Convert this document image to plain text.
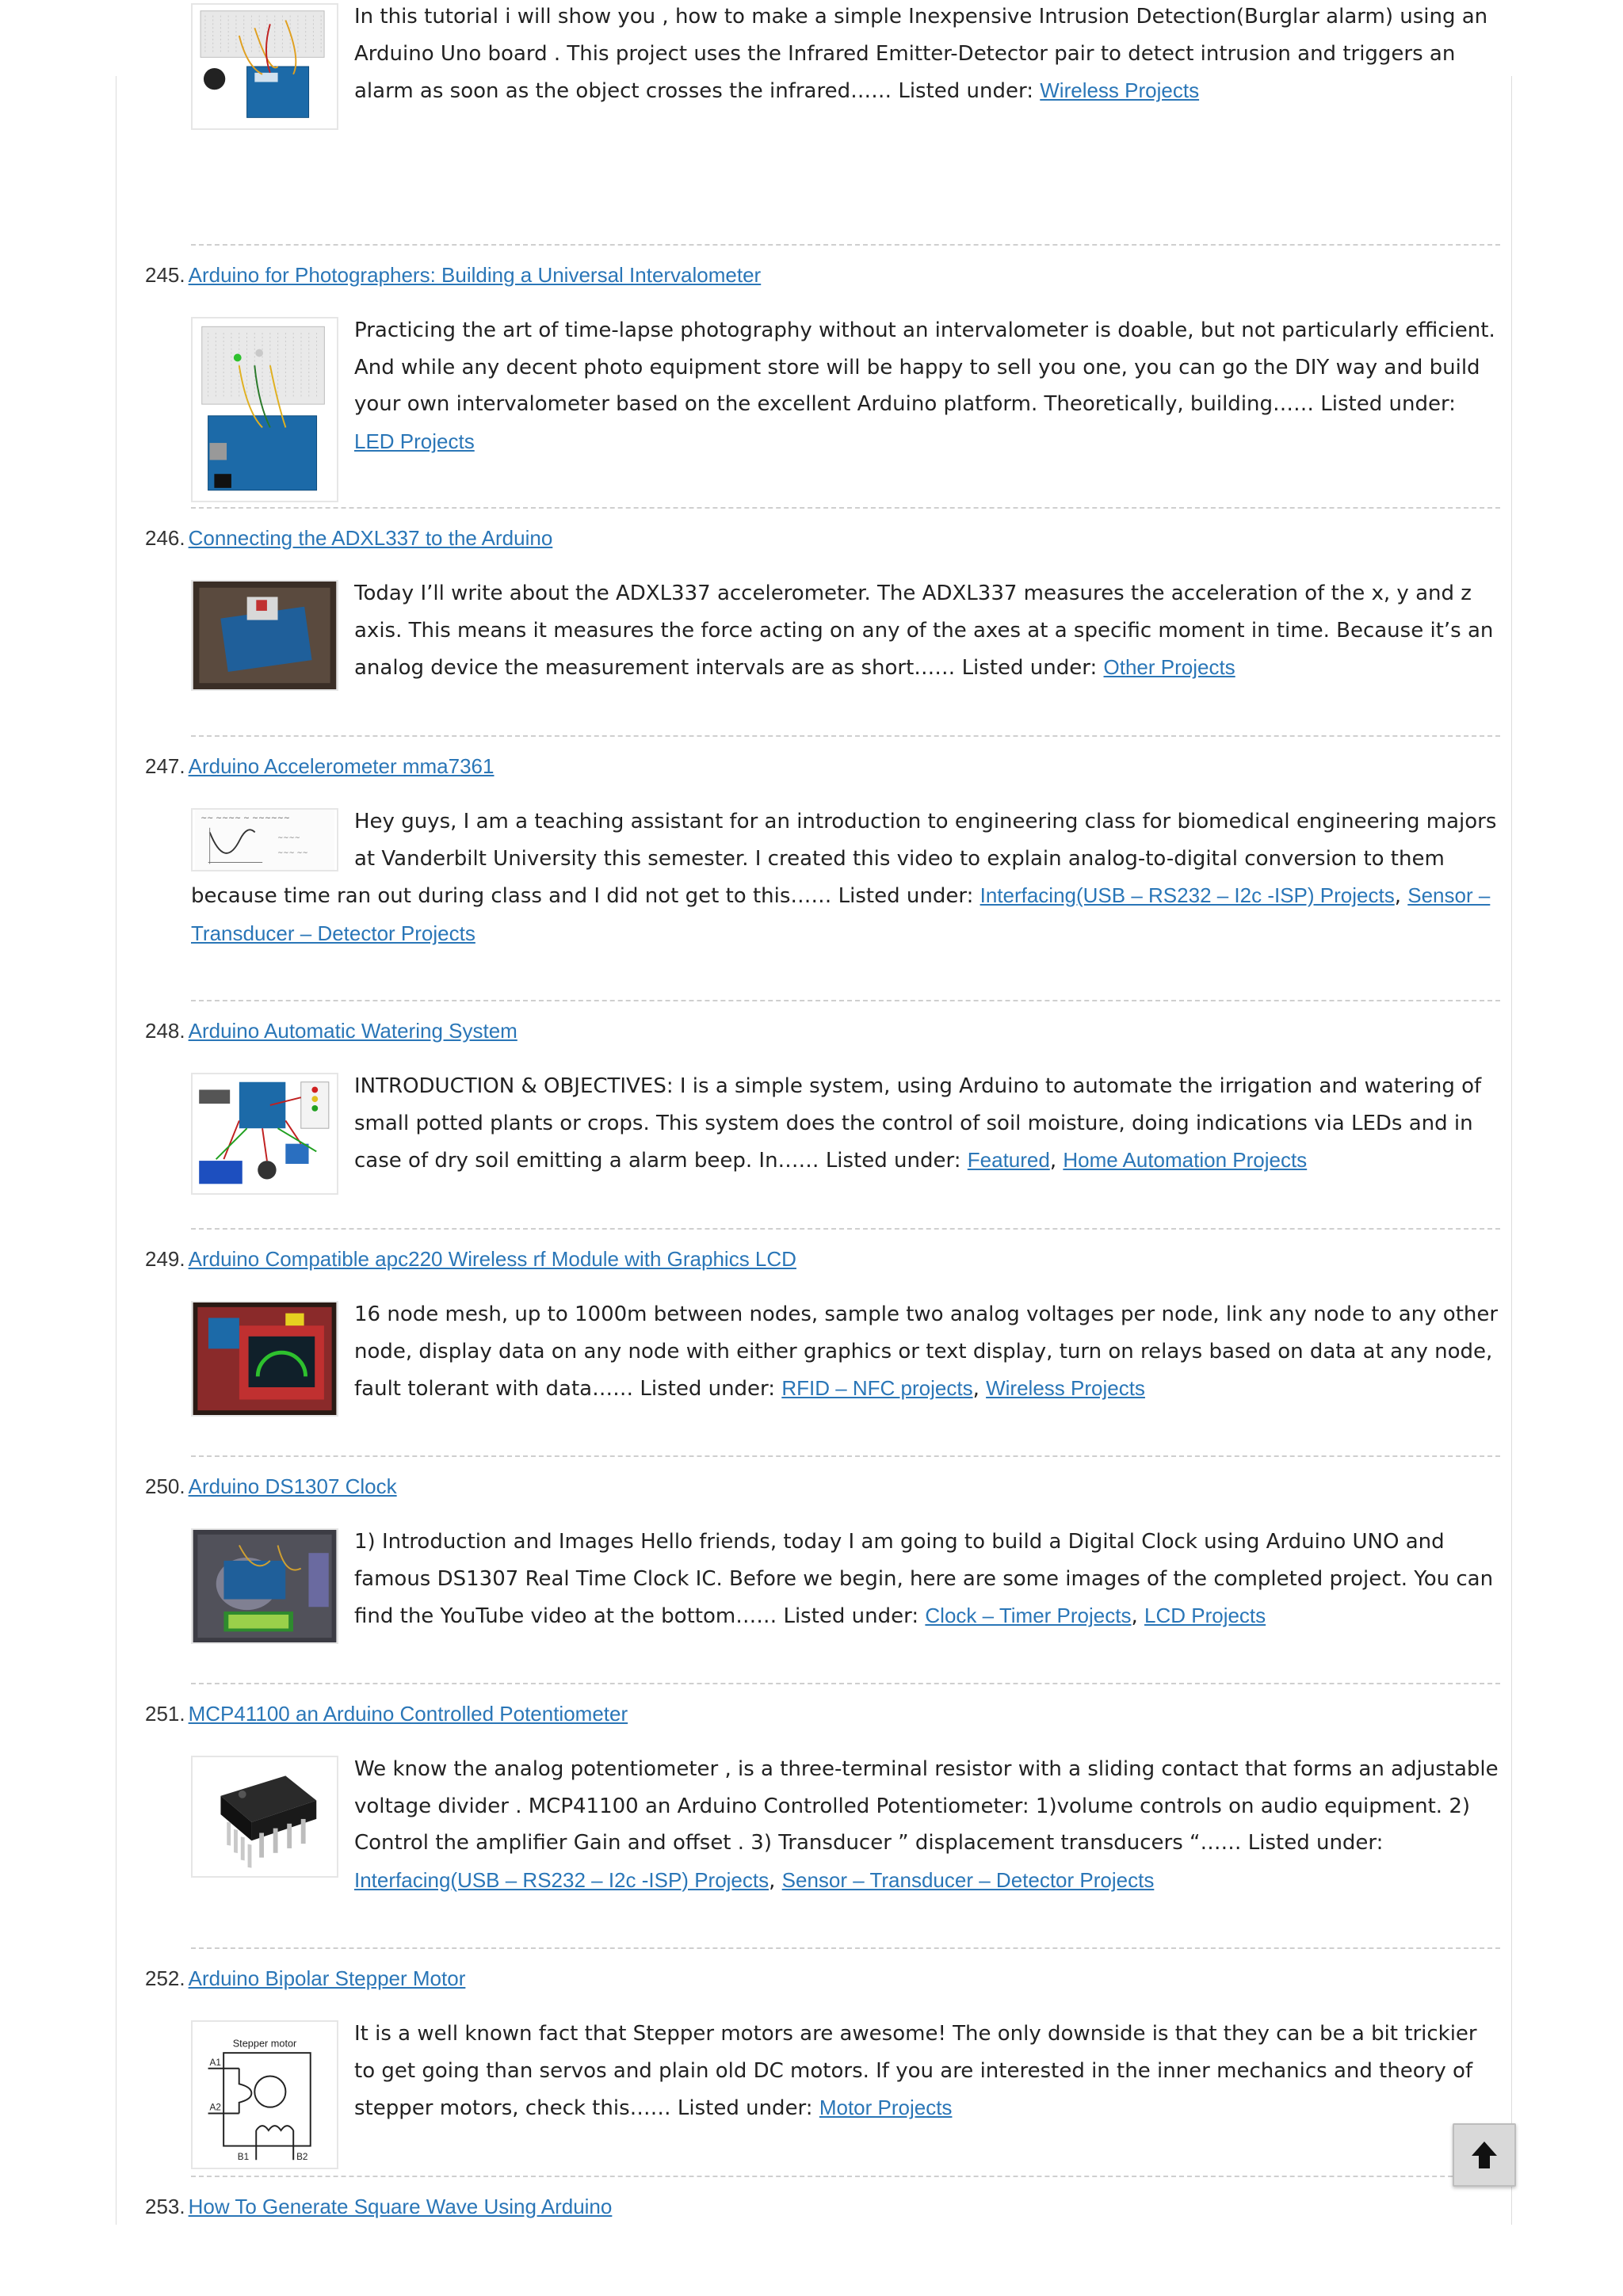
In this tutorial i will show you , how to make a simple Inexpensive Intrusion Detection(Burglar alarm) using an Arduino Uno board . This project uses the Infrared Emitter-Detector pair to detect intrusion and triggers an alarm as soon as the object crosses the infrared…… Listed under: Wireless Projects
245. Arduino for Photographers: Building a Universal Intervalometer
Practicing the art of time-lapse photography without an intervalometer is doable, but not particularly efficient. And while any decent photo equipment store will be happy to sell you one, you can go the DIY way and build your own intervalometer based on the excellent Arduino platform. Theoretically, building…… Listed under: LED Projects
246. Connecting the ADXL337 to the Arduino
Today I’ll write about the ADXL337 accelerometer. The ADXL337 measures the acceleration of the x, y and z axis. This means it measures the force acting on any of the axes at a specific moment in time. Because it’s an analog device the measurement intervals are as short…… Listed under: Other Projects
247. Arduino Accelerometer mma7361
~~ ~~~~ ~ ~~~~~~
~~~~
~~~ ~~
Hey guys, I am a teaching assistant for an introduction to engineering class for biomedical engineering majors at Vanderbilt University this semester. I created this video to explain analog-to-digital conversion to them because time ran out during class and I did not get to this…… Listed under: Interfacing(USB – RS232 – I2c -ISP) Projects, Sensor – Transducer – Detector Projects
248. Arduino Automatic Watering System
INTRODUCTION & OBJECTIVES: I is a simple system, using Arduino to automate the irrigation and watering of small potted plants or crops. This system does the control of soil moisture, doing indications via LEDs and in case of dry soil emitting a alarm beep. In…… Listed under: Featured, Home Automation Projects
249. Arduino Compatible apc220 Wireless rf Module with Graphics LCD
16 node mesh, up to 1000m between nodes, sample two analog voltages per node, link any node to any other node, display data on any node with either graphics or text display, turn on relays based on data at any node, fault tolerant with data…… Listed under: RFID – NFC projects, Wireless Projects
250. Arduino DS1307 Clock
1) Introduction and Images Hello friends, today I am going to build a Digital Clock using Arduino UNO and famous DS1307 Real Time Clock IC. Before we begin, here are some images of the completed project. You can find the YouTube video at the bottom…… Listed under: Clock – Timer Projects, LCD Projects
251. MCP41100 an Arduino Controlled Potentiometer
We know the analog potentiometer , is a three-terminal resistor with a sliding contact that forms an adjustable voltage divider . MCP41100 an Arduino Controlled Potentiometer: 1)volume controls on audio equipment. 2) Control the amplifier Gain and offset . 3) Transducer ” displacement transducers “…… Listed under: Interfacing(USB – RS232 – I2c -ISP) Projects, Sensor – Transducer – Detector Projects
252. Arduino Bipolar Stepper Motor
Stepper motor
A1
A2
B1	B2
It is a well known fact that Stepper motors are awesome! The only downside is that they can be a bit trickier to get going than servos and plain old DC motors. If you are interested in the inner mechanics and theory of stepper motors, check this…… Listed under: Motor Projects
253. How To Generate Square Wave Using Arduino
